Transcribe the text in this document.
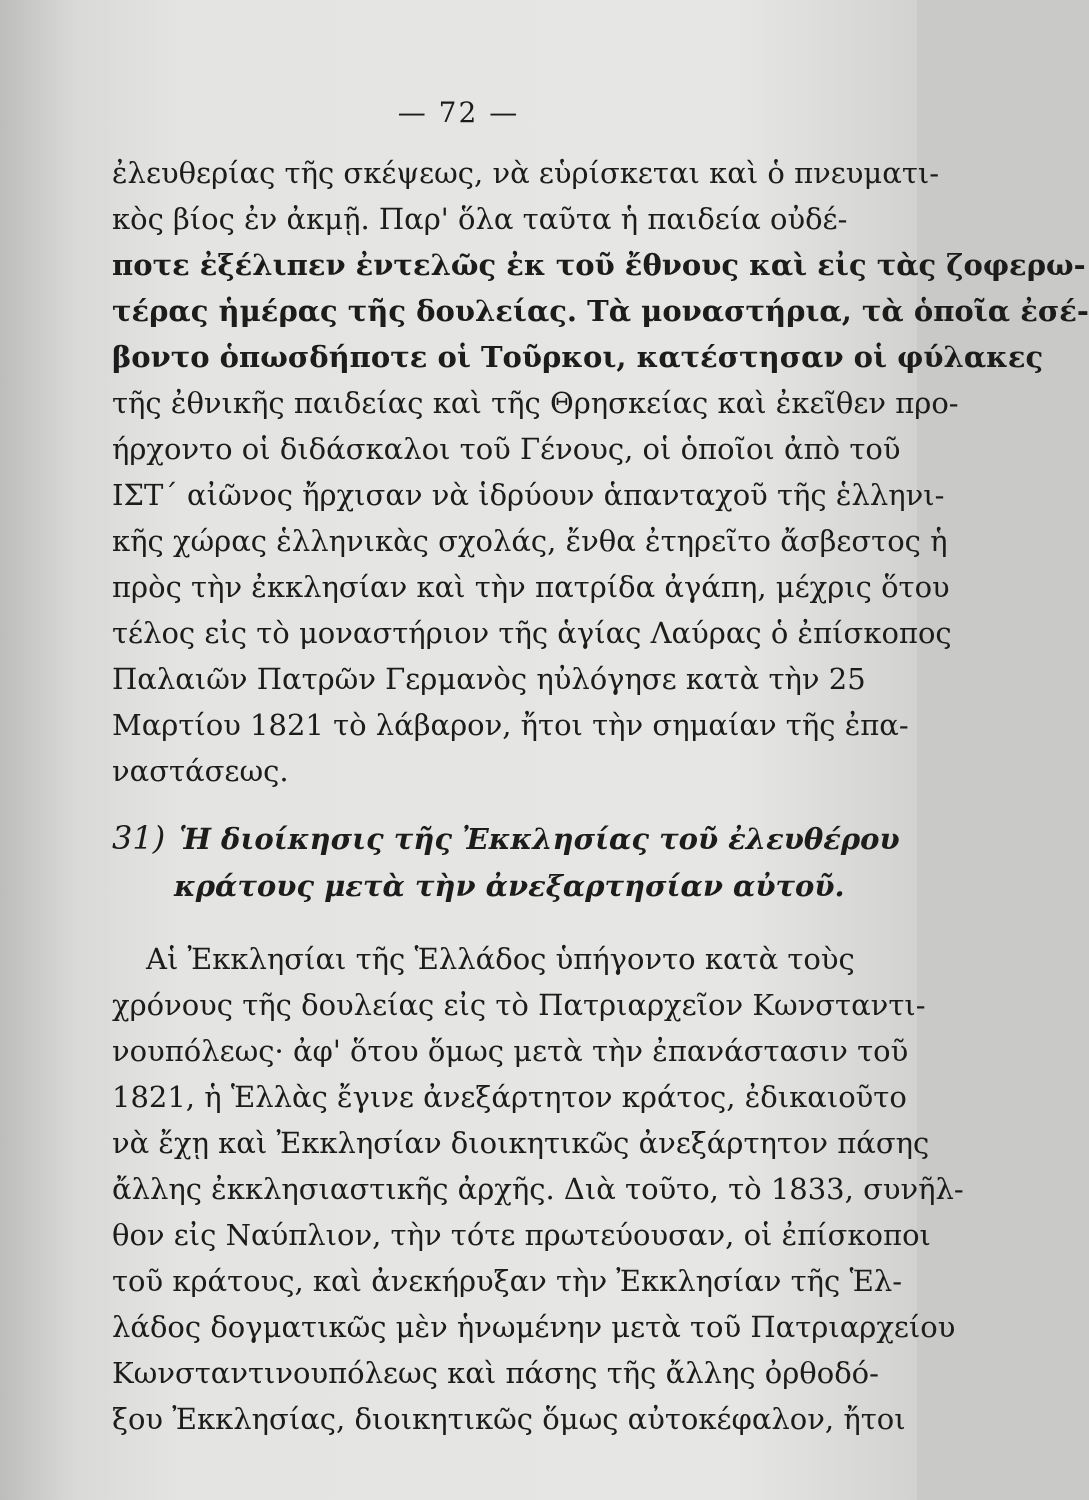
— 72 —
ἐλευθερίας τῆς σκέψεως, νὰ εὑρίσκεται καὶ ὁ πνευματι-
κὸς βίος ἐν ἀκμῇ. Παρ' ὅλα ταῦτα ἡ παιδεία οὐδέ-
ποτε ἐξέλιπεν ἐντελῶς ἐκ τοῦ ἔθνους καὶ εἰς τὰς ζοφερω-
τέρας ἡμέρας τῆς δουλείας. Τὰ μοναστήρια, τὰ ὁποῖα ἐσέ-
βοντο ὁπωσδήποτε οἱ Τοῦρκοι, κατέστησαν οἱ φύλακες
τῆς ἐθνικῆς παιδείας καὶ τῆς Θρησκείας καὶ ἐκεῖθεν προ-
ήρχοντο οἱ διδάσκαλοι τοῦ Γένους, οἱ ὁποῖοι ἀπὸ τοῦ
ΙΣΤ΄ αἰῶνος ἤρχισαν νὰ ἱδρύουν ἁπανταχοῦ τῆς ἑλληνι-
κῆς χώρας ἑλληνικὰς σχολάς, ἔνθα ἐτηρεῖτο ἄσβεστος ἡ
πρὸς τὴν ἐκκλησίαν καὶ τὴν πατρίδα ἀγάπη, μέχρις ὅτου
τέλος εἰς τὸ μοναστήριον τῆς ἁγίας Λαύρας ὁ ἐπίσκοπος
Παλαιῶν Πατρῶν Γερμανὸς ηὐλόγησε κατὰ τὴν 25
Μαρτίου 1821 τὸ λάβαρον, ἤτοι τὴν σημαίαν τῆς ἐπα-
ναστάσεως.
31) Ἡ διοίκησις τῆς Ἐκκλησίας τοῦ ἐλευθέρου
κράτους μετὰ τὴν ἀνεξαρτησίαν αὐτοῦ.
Αἱ Ἐκκλησίαι τῆς Ἑλλάδος ὑπήγοντο κατὰ τοὺς
χρόνους τῆς δουλείας εἰς τὸ Πατριαρχεῖον Κωνσταντι-
νουπόλεως· ἀφ' ὅτου ὅμως μετὰ τὴν ἐπανάστασιν τοῦ
1821, ἡ Ἑλλὰς ἔγινε ἀνεξάρτητον κράτος, ἐδικαιοῦτο
νὰ ἔχῃ καὶ Ἐκκλησίαν διοικητικῶς ἀνεξάρτητον πάσης
ἄλλης ἐκκλησιαστικῆς ἀρχῆς. Διὰ τοῦτο, τὸ 1833, συνῆλ-
θον εἰς Ναύπλιον, τὴν τότε πρωτεύουσαν, οἱ ἐπίσκοποι
τοῦ κράτους, καὶ ἀνεκήρυξαν τὴν Ἐκκλησίαν τῆς Ἑλ-
λάδος δογματικῶς μὲν ἡνωμένην μετὰ τοῦ Πατριαρχείου
Κωνσταντινουπόλεως καὶ πάσης τῆς ἄλλης ὀρθοδό-
ξου Ἐκκλησίας, διοικητικῶς ὅμως αὐτοκέφαλον, ἤτοι
